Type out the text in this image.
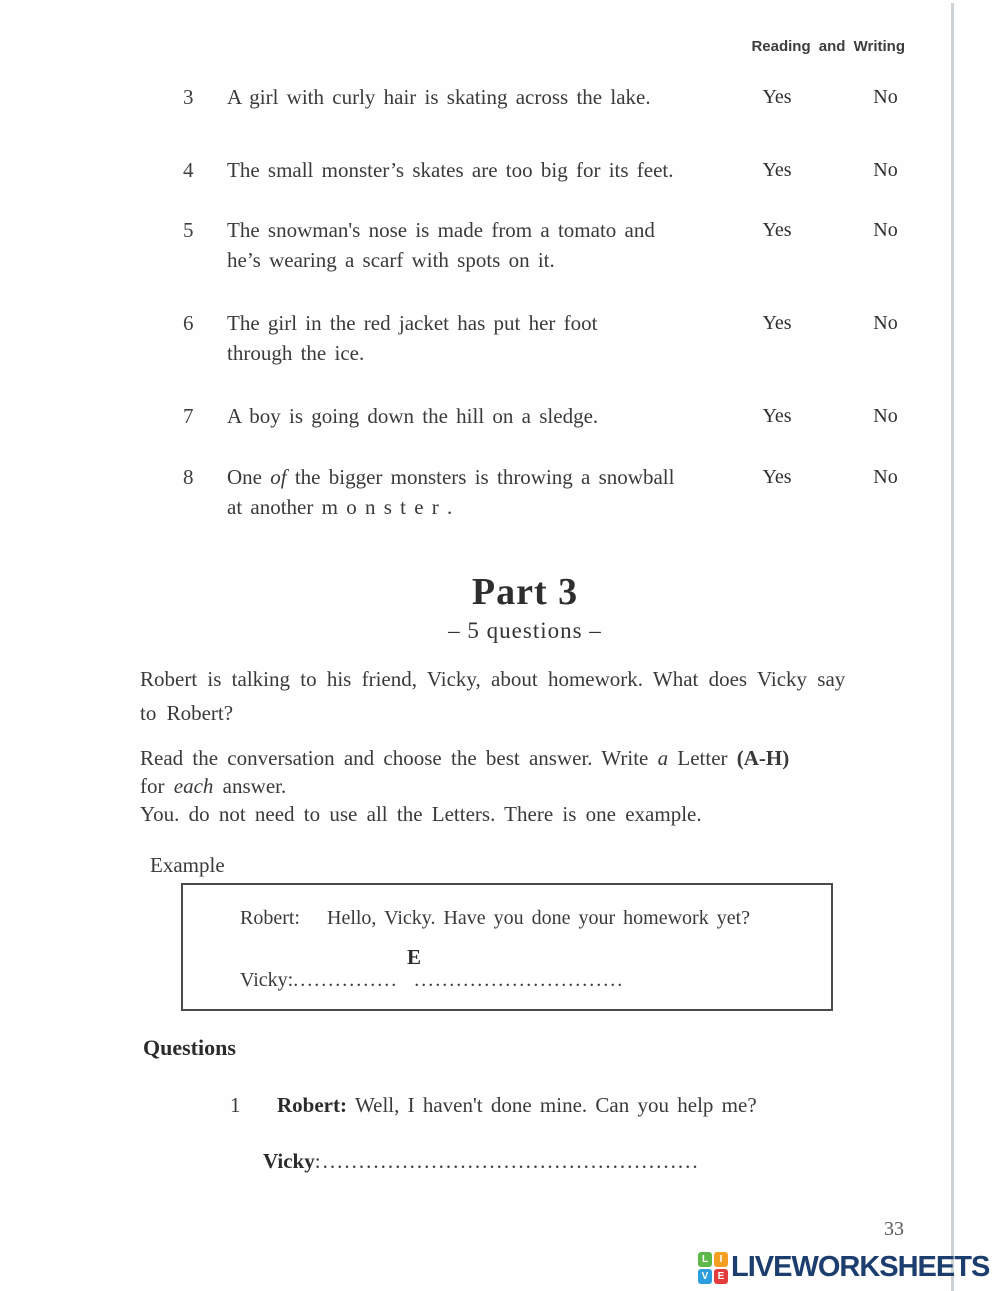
Reading and Writing
3	A girl with curly hair is skating across the lake.	Yes	No
4	The small monster’s skates are too big for its feet.	Yes	No
5	The snowman's nose is made from a tomato and
he’s wearing a scarf with spots on it.
Yes	No
6	The girl in the red jacket has put her foot
through the ice.
Yes	No
7	A boy is going down the hill on a sledge.	Yes	No
8	One of the bigger monsters is throwing a snowball
at another m o n s t e r .
Yes	No
Part 3
– 5 questions –
Robert is talking to his friend, Vicky, about homework. What does Vicky say
to Robert?
Read the conversation and choose the best answer. Write a Letter (A-H)
for each answer.
You. do not need to use all the Letters. There is one example.
Example
Robert: Hello, Vicky. Have you done your homework yet?
E
Vicky:............... ..............................
Questions
1 Robert: Well, I haven't done mine. Can you help me?
Vicky:....................................................
33
L	I
V E LIVEWORKSHEETS
